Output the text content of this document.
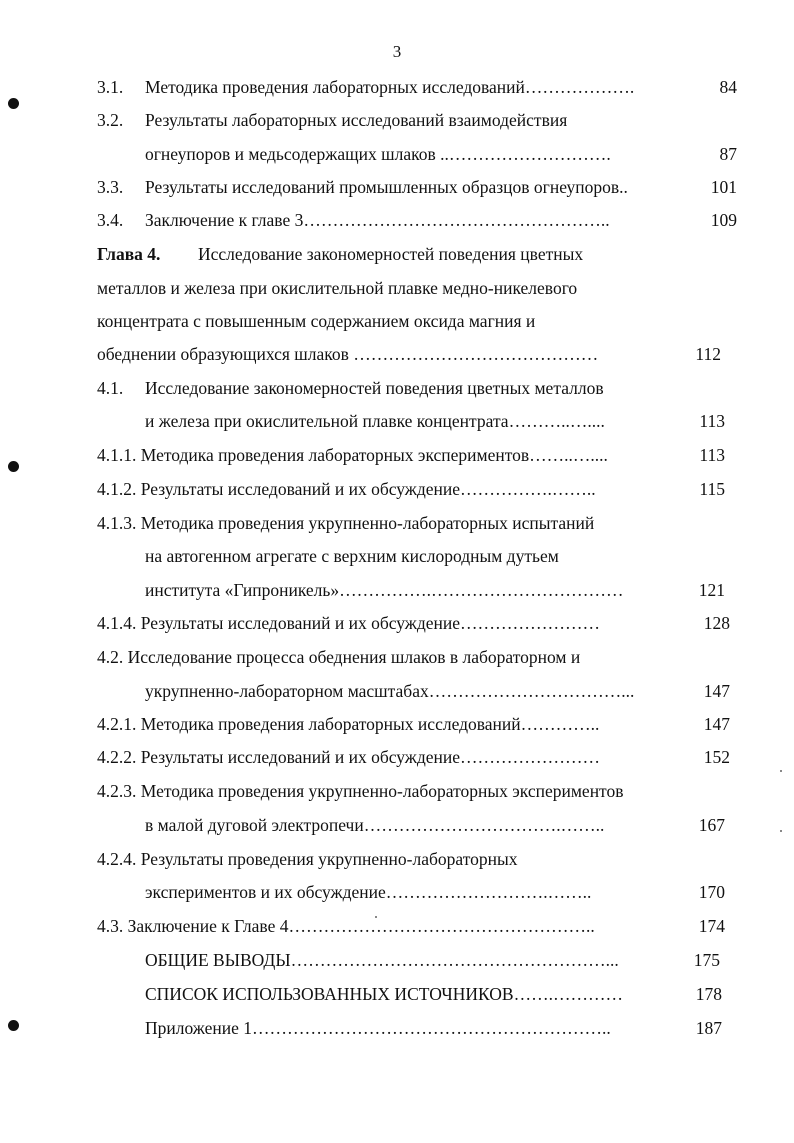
3
3.1. Методика проведения лабораторных исследований……………….	84
3.2. Результаты лабораторных исследований взаимодействия
огнеупоров и медьсодержащих шлаков ..……………………….	87
3.3. Результаты исследований промышленных образцов огнеупоров..	101
3.4. Заключение к главе 3……………………………………………..	109
Глава 4. Исследование закономерностей поведения цветных
металлов и железа при окислительной плавке медно-никелевого
концентрата с повышенным содержанием оксида магния и
обеднении образующихся шлаков ……………………………………	112
4.1. Исследование закономерностей поведения цветных металлов
и железа при окислительной плавке концентрата………..…....	113
4.1.1. Методика проведения лабораторных экспериментов……..…....	113
4.1.2. Результаты исследований и их обсуждение…………….……..	115
4.1.3. Методика проведения укрупненно-лабораторных испытаний
на автогенном агрегате с верхним кислородным дутьем
института «Гипроникель»…………….……………………………	121
4.1.4. Результаты исследований и их обсуждение……………………	128
4.2. Исследование процесса обеднения шлаков в лабораторном и
укрупненно-лабораторном масштабах……………………………...	147
4.2.1. Методика проведения лабораторных исследований…………..	147
4.2.2. Результаты исследований и их обсуждение……………………	152
4.2.3. Методика проведения укрупненно-лабораторных экспериментов
в малой дуговой электропечи…………………………….……..	167
4.2.4. Результаты проведения укрупненно-лабораторных
экспериментов и их обсуждение……………………….……..	170
4.3. Заключение к Главе 4……………………………………………..	174
ОБЩИЕ ВЫВОДЫ………………………………………………...	175
СПИСОК ИСПОЛЬЗОВАННЫХ ИСТОЧНИКОВ…….…………	178
Приложение 1……………………………………………………..	187
